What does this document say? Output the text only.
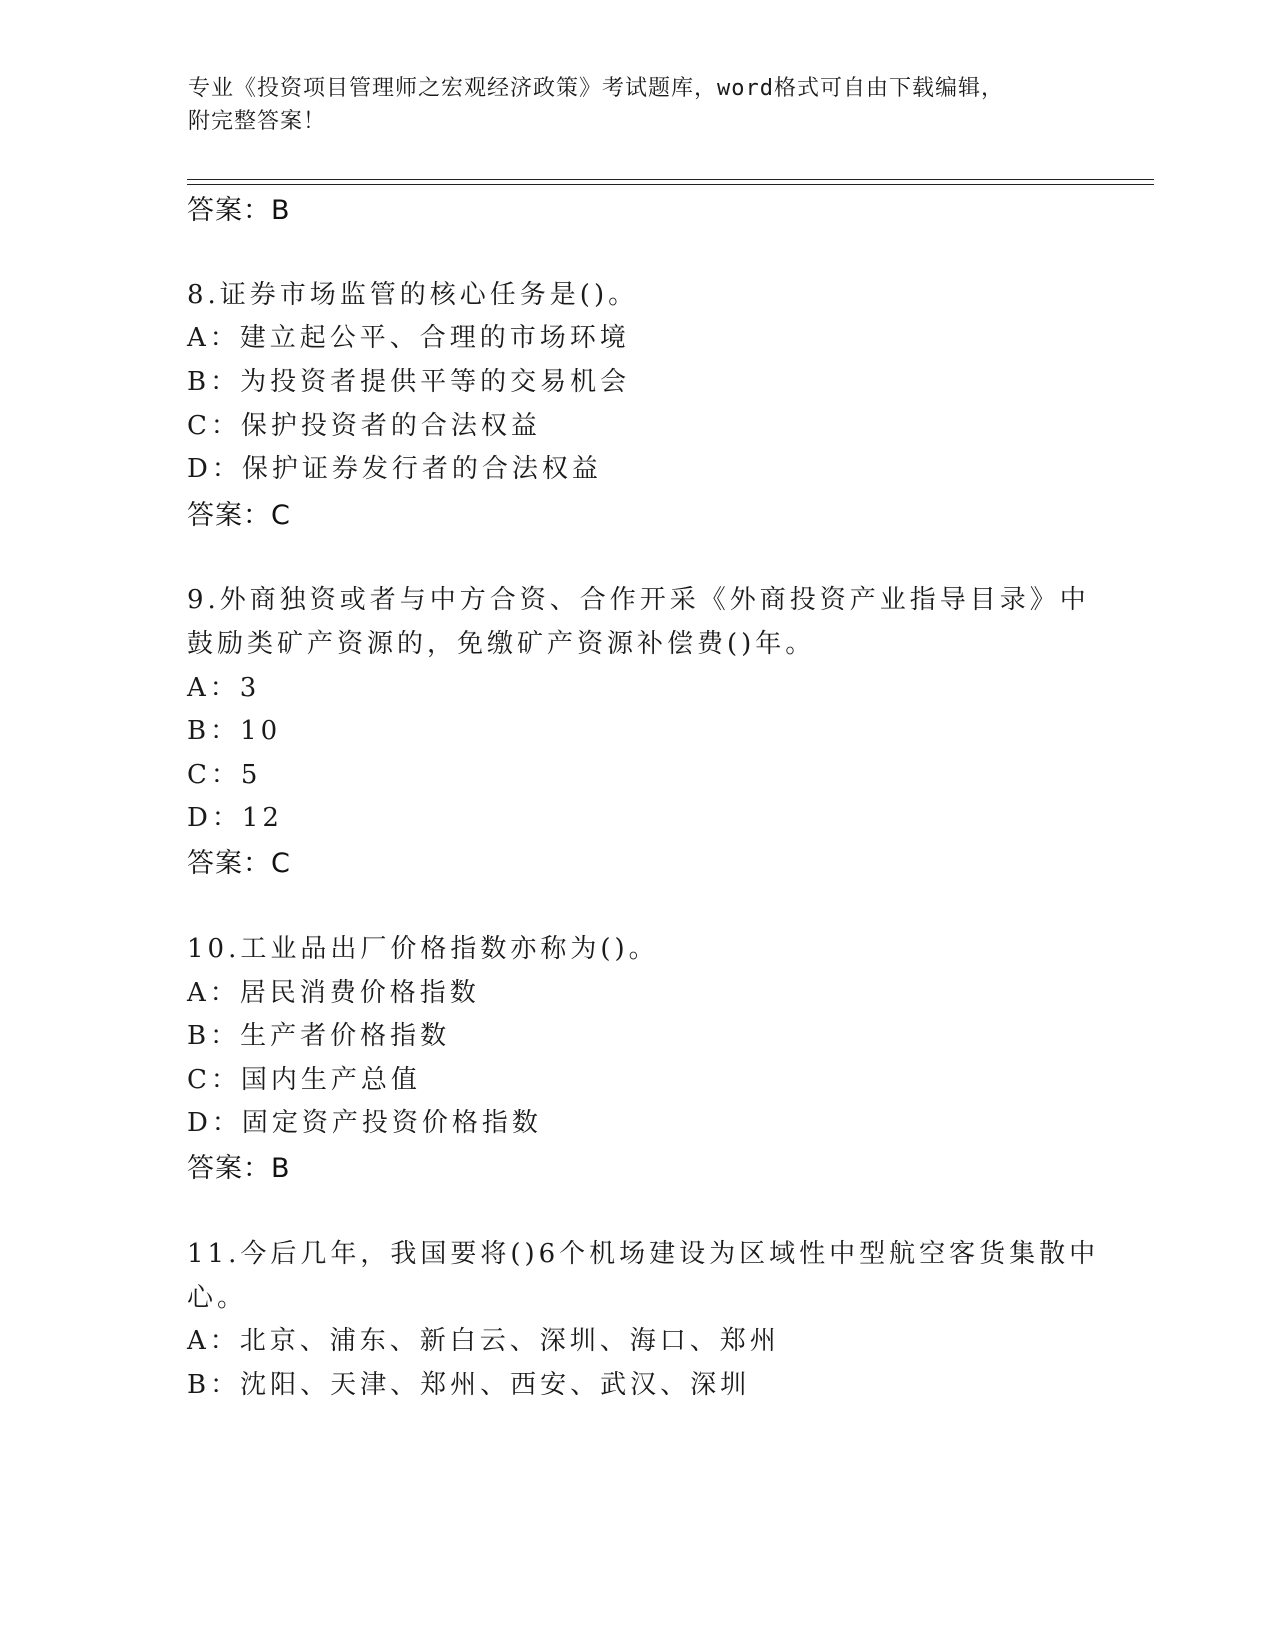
专业《投资项目管理师之宏观经济政策》考试题库，word格式可自由下载编辑，
附完整答案！
答案：B
8.证券市场监管的核心任务是()。
A：建立起公平、合理的市场环境
B：为投资者提供平等的交易机会
C：保护投资者的合法权益
D：保护证券发行者的合法权益
答案：C
9.外商独资或者与中方合资、合作开采《外商投资产业指导目录》中
鼓励类矿产资源的，免缴矿产资源补偿费()年。
A：3
B：10
C：5
D：12
答案：C
10.工业品出厂价格指数亦称为()。
A：居民消费价格指数
B：生产者价格指数
C：国内生产总值
D：固定资产投资价格指数
答案：B
11.今后几年，我国要将()6个机场建设为区域性中型航空客货集散中
心。
A：北京、浦东、新白云、深圳、海口、郑州
B：沈阳、天津、郑州、西安、武汉、深圳
